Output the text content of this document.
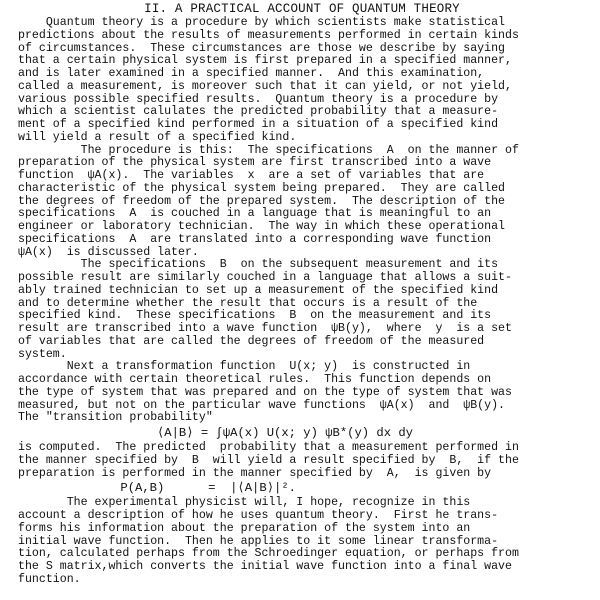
II. A PRACTICAL ACCOUNT OF QUANTUM THEORY
Quantum theory is a procedure by which scientists make statistical
predictions about the results of measurements performed in certain kinds
of circumstances.  These circumstances are those we describe by saying
that a certain physical system is first prepared in a specified manner,
and is later examined in a specified manner.  And this examination,
called a measurement, is moreover such that it can yield, or not yield,
various possible specified results.  Quantum theory is a procedure by
which a scientist calulates the predicted probability that a measure-
ment of a specified kind performed in a situation of a specified kind
will yield a result of a specified kind.
The procedure is this:  The specifications  A  on the manner of
preparation of the physical system are first transcribed into a wave
function  ψA(x).  The variables  x  are a set of variables that are
characteristic of the physical system being prepared.  They are called
the degrees of freedom of the prepared system.  The description of the
specifications  A  is couched in a language that is meaningful to an
engineer or laboratory technician.  The way in which these operational
specifications  A  are translated into a corresponding wave function
ψA(x)  is discussed later.
The specifications  B  on the subsequent measurement and its
possible result are similarly couched in a language that allows a suit-
ably trained technician to set up a measurement of the specified kind
and to determine whether the result that occurs is a result of the
specified kind.  These specifications  B  on the measurement and its
result are transcribed into a wave function  ψB(y),  where  y  is a set
of variables that are called the degrees of freedom of the measured
system.
Next a transformation function  U(x; y)  is constructed in
accordance with certain theoretical rules.  This function depends on
the type of system that was prepared and on the type of system that was
measured, but not on the particular wave functions  ψA(x)  and  ψB(y).
The "transition probability"
⟨A|B⟩ = ∫ψA(x) U(x; y) ψB*(y) dx dy
is computed.  The predicted  probability that a measurement performed in
the manner specified by  B  will yield a result specified by  B,  if the
preparation is performed in the manner specified by  A,  is given by
P(A,B)      =  |⟨A|B⟩|².
The experimental physicist will, I hope, recognize in this
account a description of how he uses quantum theory.  First he trans-
forms his information about the preparation of the system into an
initial wave function.  Then he applies to it some linear transforma-
tion, calculated perhaps from the Schroedinger equation, or perhaps from
the S matrix,which converts the initial wave function into a final wave
function.
